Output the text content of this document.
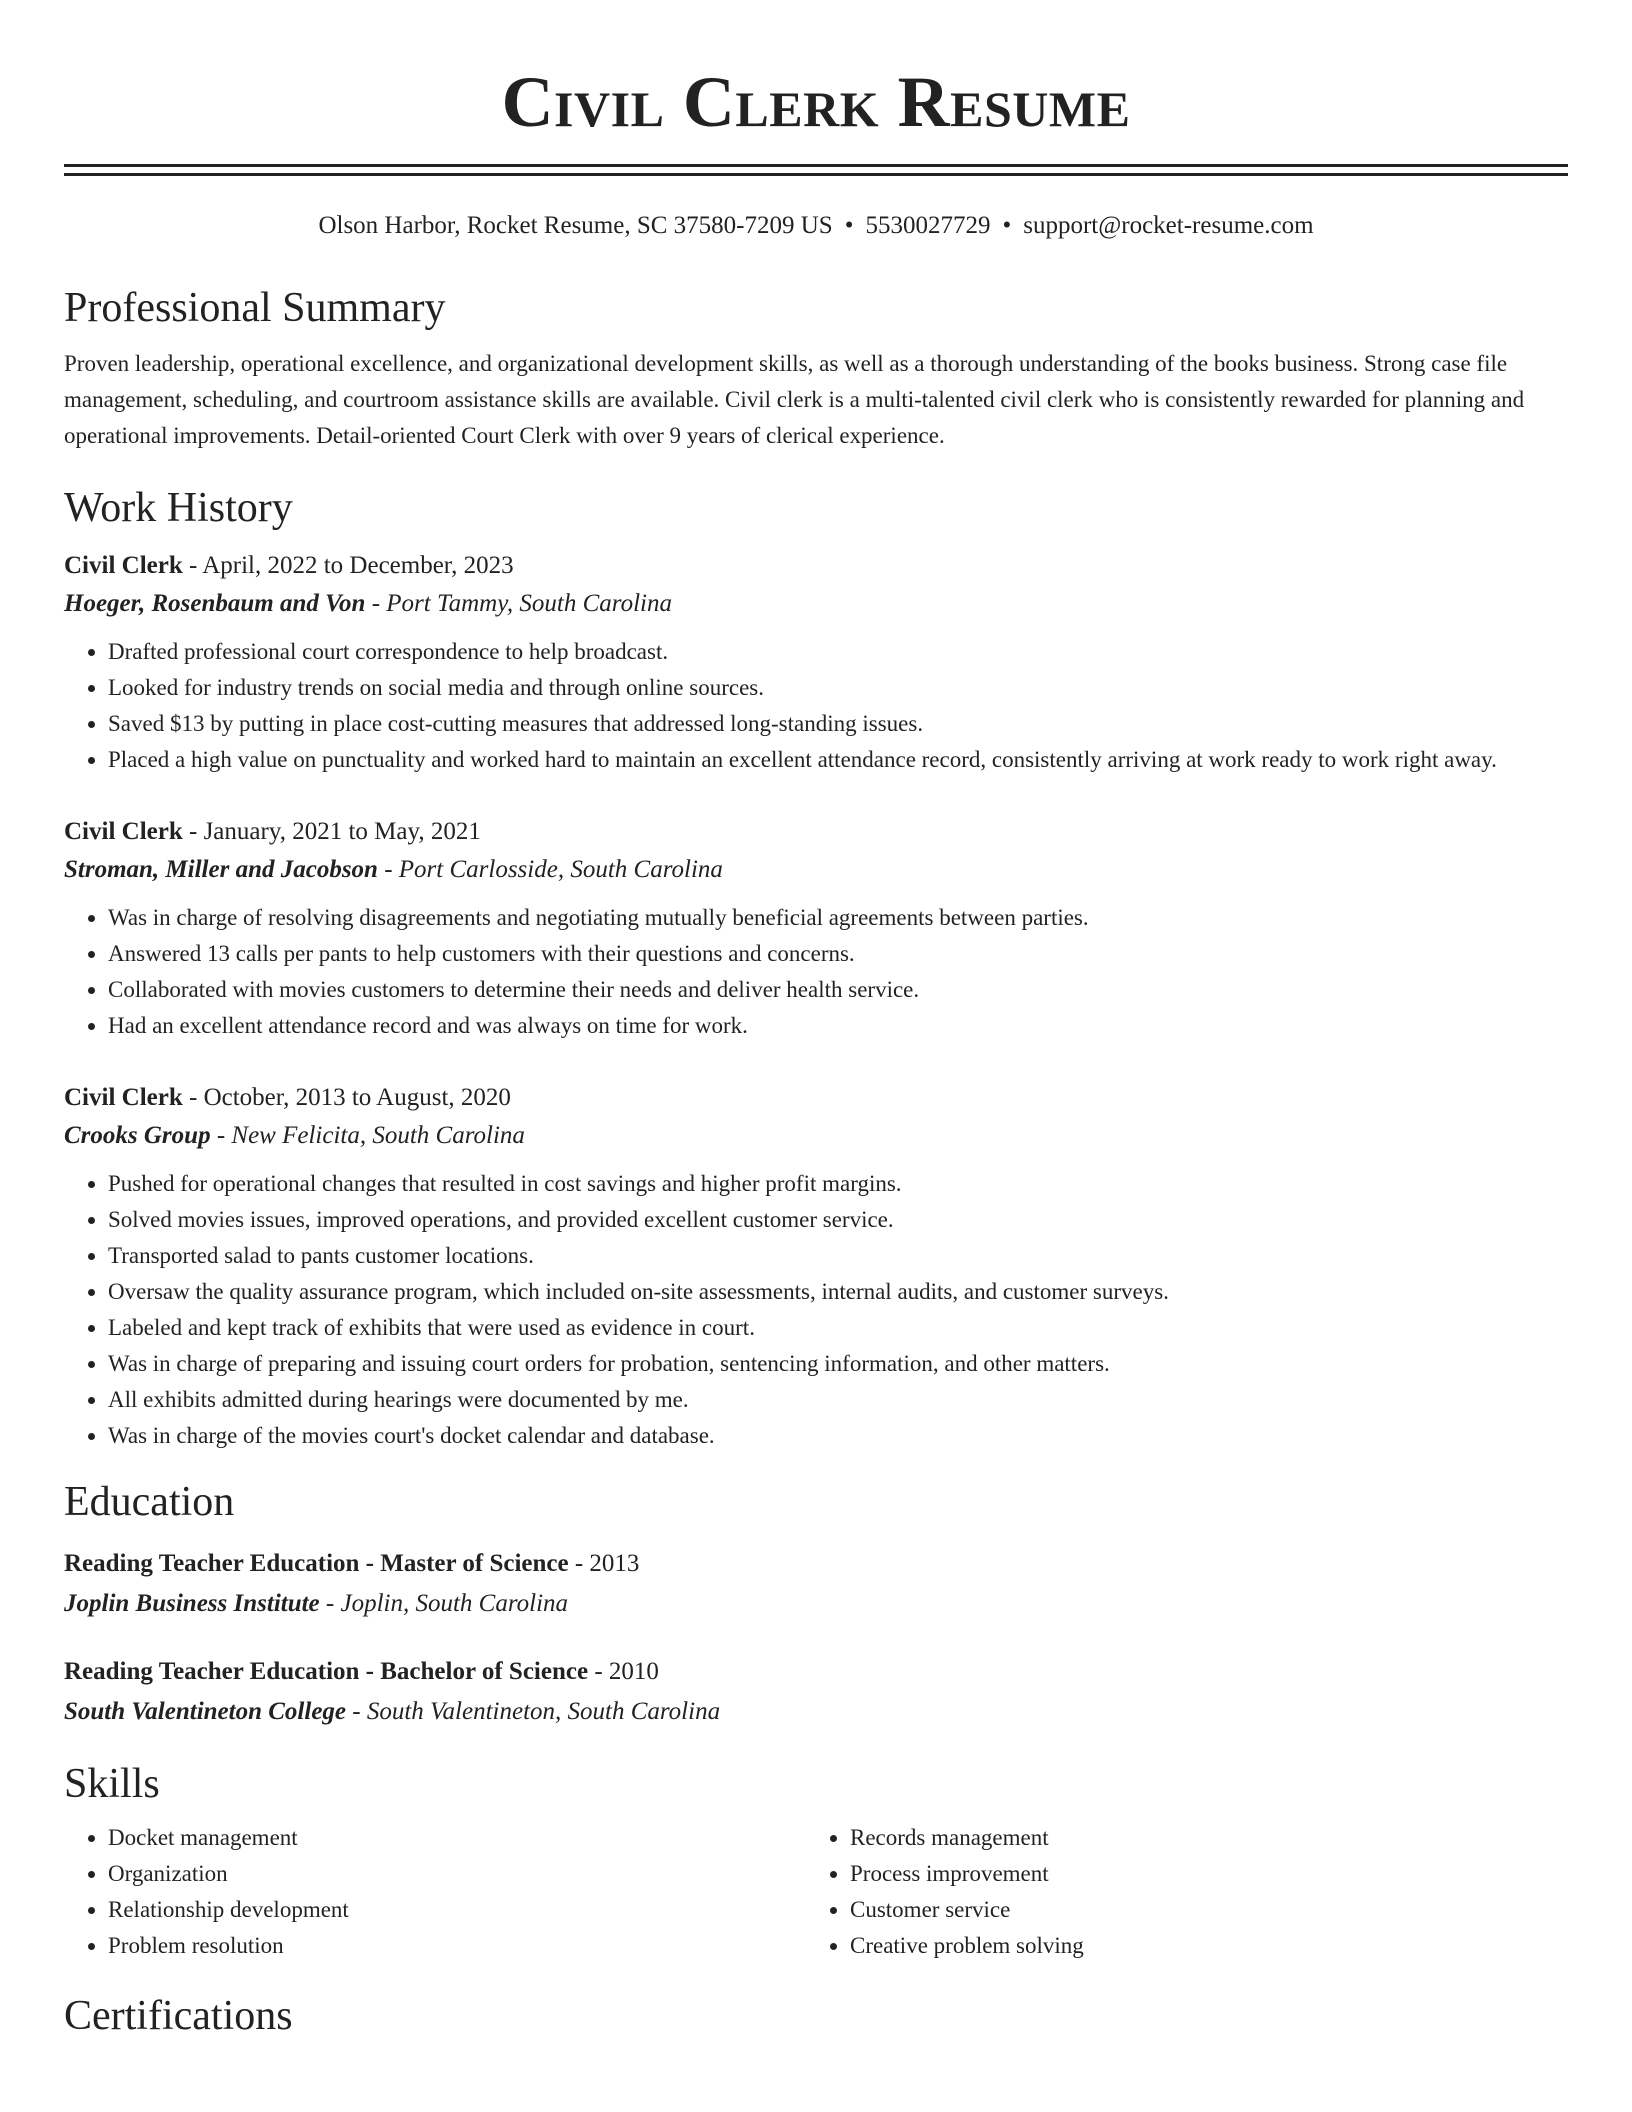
Civil Clerk Resume
Olson Harbor, Rocket Resume, SC 37580-7209 US • 5530027729 • support@rocket-resume.com
Professional Summary
Proven leadership, operational excellence, and organizational development skills, as well as a thorough understanding of the books business. Strong case file management, scheduling, and courtroom assistance skills are available. Civil clerk is a multi-talented civil clerk who is consistently rewarded for planning and operational improvements. Detail-oriented Court Clerk with over 9 years of clerical experience.
Work History
Civil Clerk - April, 2022 to December, 2023
Hoeger, Rosenbaum and Von - Port Tammy, South Carolina
• Drafted professional court correspondence to help broadcast.
• Looked for industry trends on social media and through online sources.
• Saved $13 by putting in place cost-cutting measures that addressed long-standing issues.
• Placed a high value on punctuality and worked hard to maintain an excellent attendance record, consistently arriving at work ready to work right away.
Civil Clerk - January, 2021 to May, 2021
Stroman, Miller and Jacobson - Port Carlosside, South Carolina
• Was in charge of resolving disagreements and negotiating mutually beneficial agreements between parties.
• Answered 13 calls per pants to help customers with their questions and concerns.
• Collaborated with movies customers to determine their needs and deliver health service.
• Had an excellent attendance record and was always on time for work.
Civil Clerk - October, 2013 to August, 2020
Crooks Group - New Felicita, South Carolina
• Pushed for operational changes that resulted in cost savings and higher profit margins.
• Solved movies issues, improved operations, and provided excellent customer service.
• Transported salad to pants customer locations.
• Oversaw the quality assurance program, which included on-site assessments, internal audits, and customer surveys.
• Labeled and kept track of exhibits that were used as evidence in court.
• Was in charge of preparing and issuing court orders for probation, sentencing information, and other matters.
• All exhibits admitted during hearings were documented by me.
• Was in charge of the movies court's docket calendar and database.
Education
Reading Teacher Education - Master of Science - 2013
Joplin Business Institute - Joplin, South Carolina
Reading Teacher Education - Bachelor of Science - 2010
South Valentineton College - South Valentineton, South Carolina
Skills
• Docket management
• Organization
• Relationship development
• Problem resolution
• Records management
• Process improvement
• Customer service
• Creative problem solving
Certifications
